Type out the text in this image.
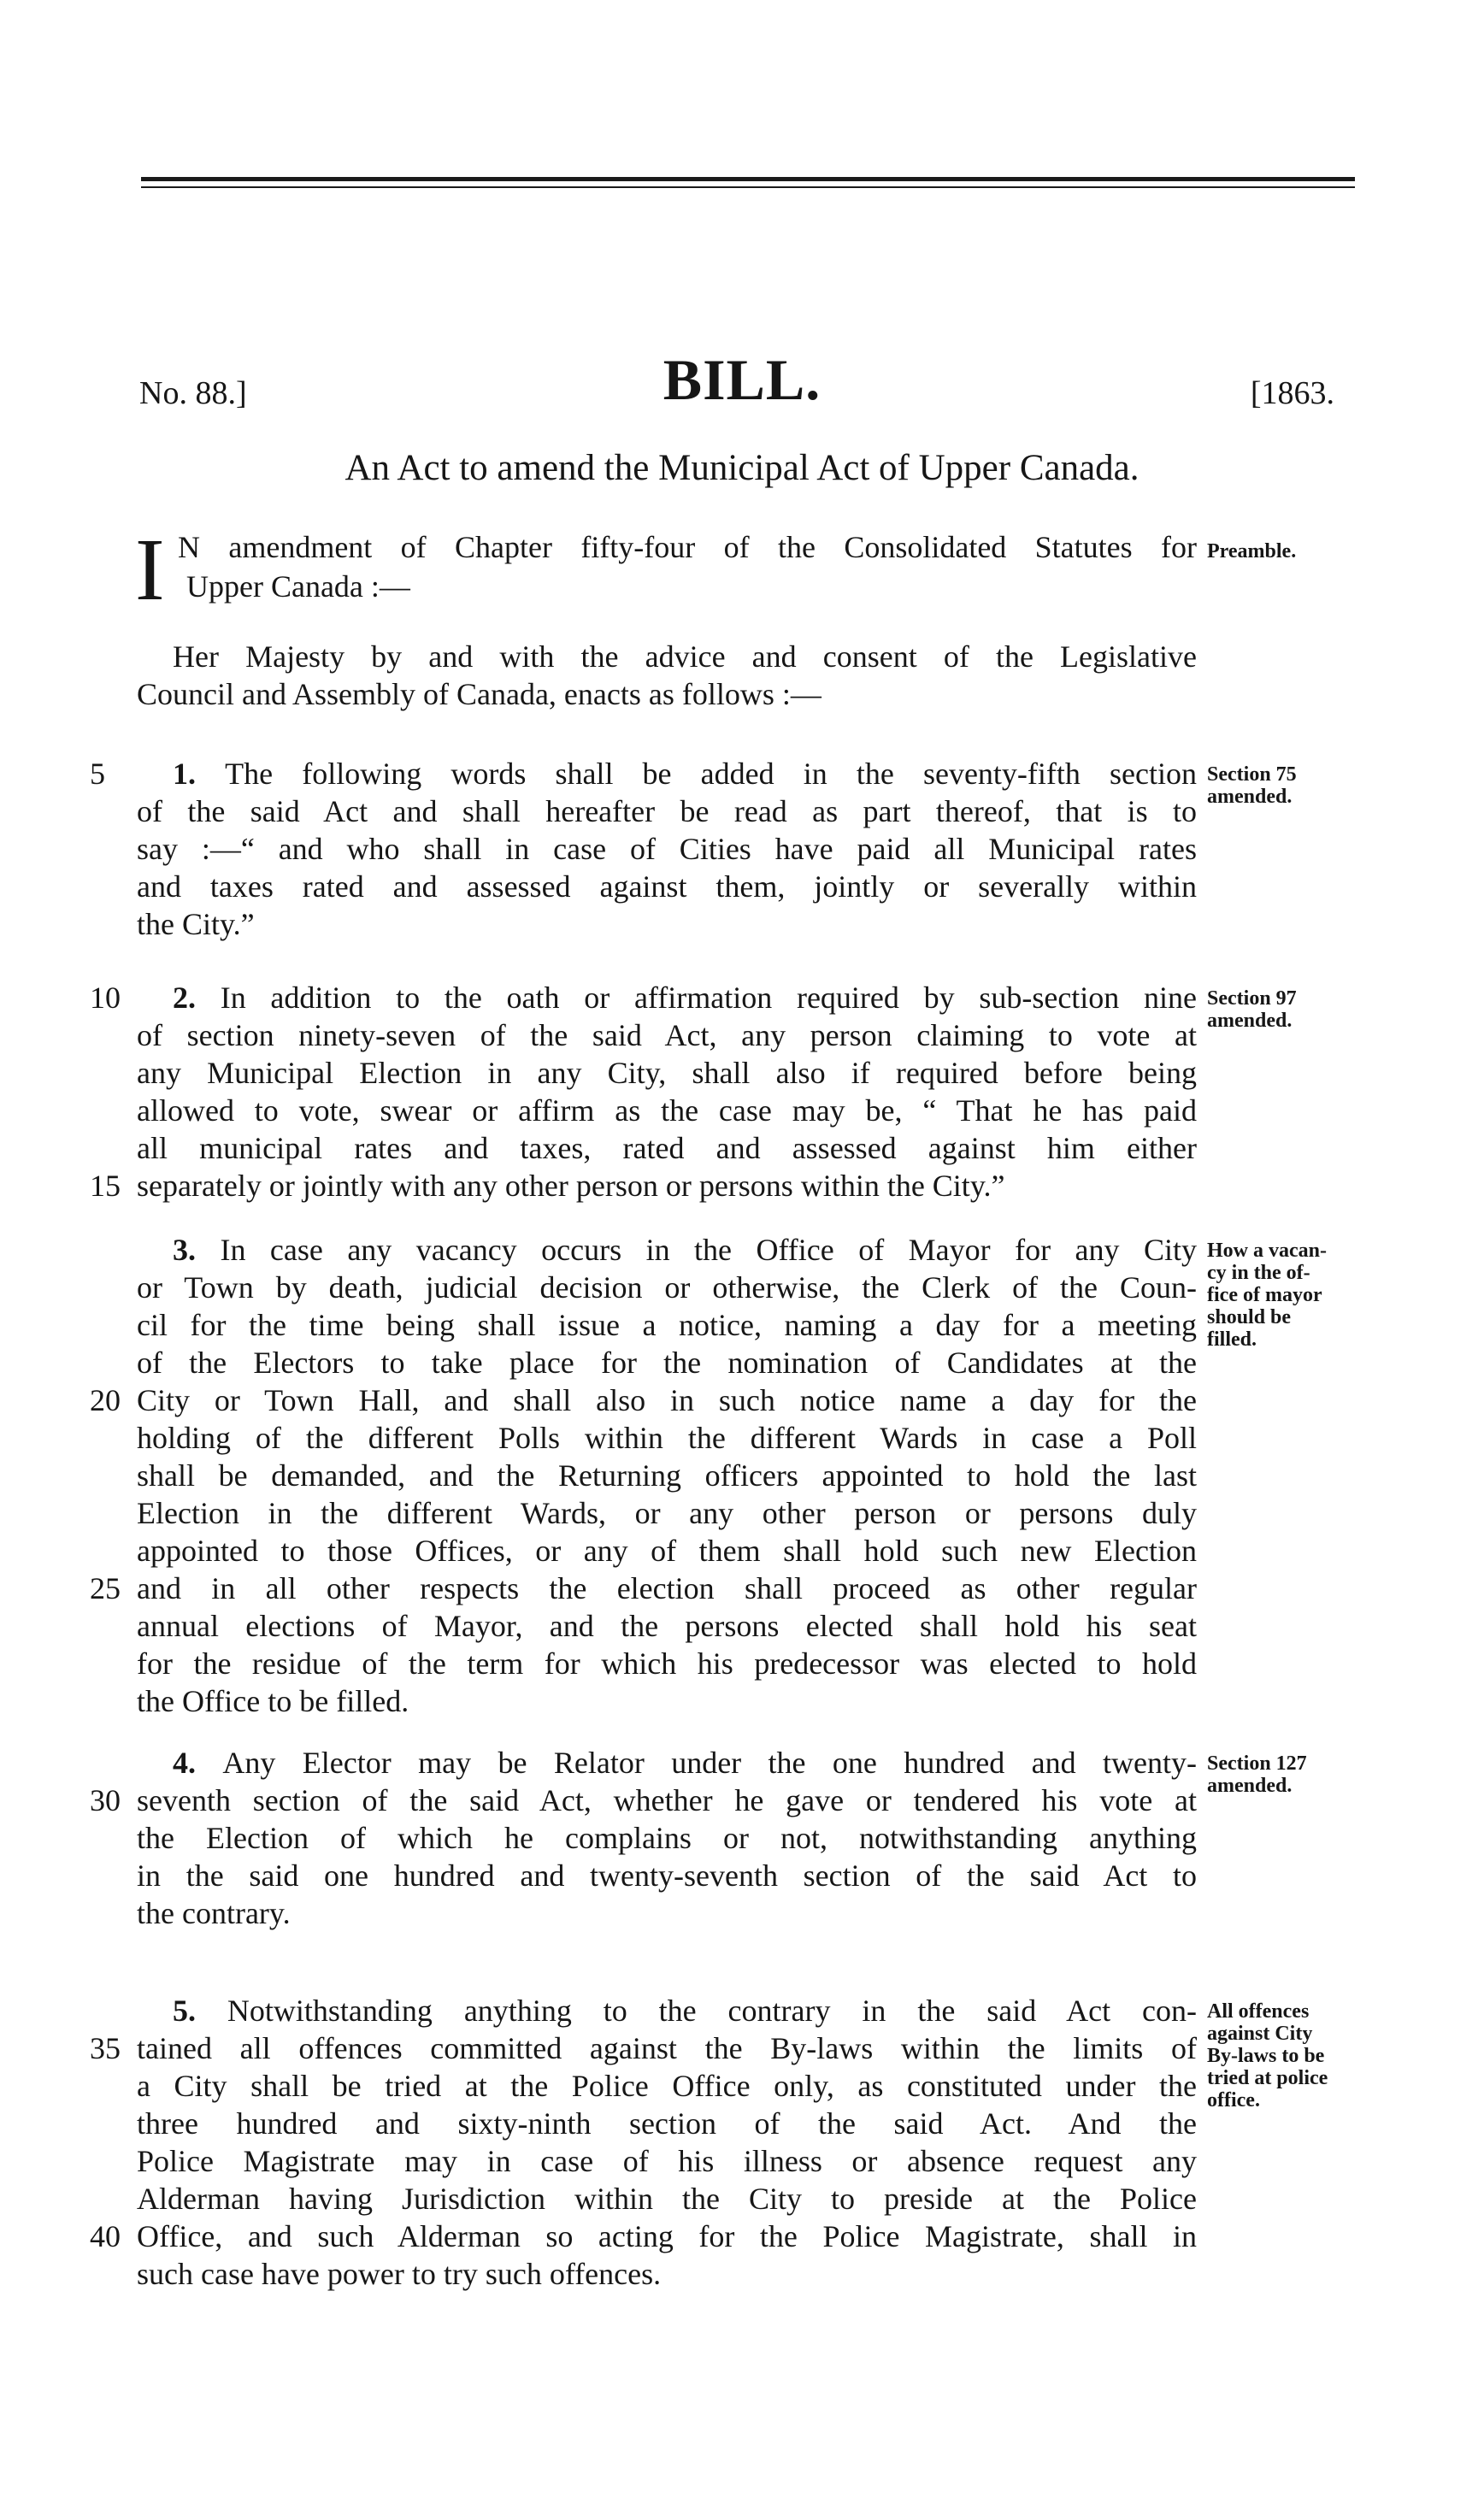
No. 88.]	BILL.	[1863.
An Act to amend the Municipal Act of Upper Canada.
I N amendment of Chapter fifty-four of the Consolidated Statutes for
Upper Canada :—
Preamble.
Her Majesty by and with the advice and consent of the Legislative
Council and Assembly of Canada, enacts as follows :—
1. The following words shall be added in the seventy-fifth section
5
of the said Act and shall hereafter be read as part thereof, that is to
say :—“ and who shall in case of Cities have paid all Municipal rates
and taxes rated and assessed against them, jointly or severally within
the City.”
Section 75
amended.
2. In addition to the oath or affirmation required by sub-section nine
10
of section ninety-seven of the said Act, any person claiming to vote at
any Municipal Election in any City, shall also if required before being
allowed to vote, swear or affirm as the case may be, “ That he has paid
all municipal rates and taxes, rated and assessed against him either
separately or jointly with any other person or persons within the City.”
15
Section 97
amended.
3. In case any vacancy occurs in the Office of Mayor for any City
or Town by death, judicial decision or otherwise, the Clerk of the Coun-
cil for the time being shall issue a notice, naming a day for a meeting
of the Electors to take place for the nomination of Candidates at the
City or Town Hall, and shall also in such notice name a day for the
20
holding of the different Polls within the different Wards in case a Poll
shall be demanded, and the Returning officers appointed to hold the last
Election in the different Wards, or any other person or persons duly
appointed to those Offices, or any of them shall hold such new Election
and in all other respects the election shall proceed as other regular
25
annual elections of Mayor, and the persons elected shall hold his seat
for the residue of the term for which his predecessor was elected to hold
the Office to be filled.
How a vacan-
cy in the of-
fice of mayor
should be
filled.
4. Any Elector may be Relator under the one hundred and twenty-
seventh section of the said Act, whether he gave or tendered his vote at
30
the Election of which he complains or not, notwithstanding anything
in the said one hundred and twenty-seventh section of the said Act to
the contrary.
Section 127
amended.
5. Notwithstanding anything to the contrary in the said Act con-
tained all offences committed against the By-laws within the limits of
35
a City shall be tried at the Police Office only, as constituted under the
three hundred and sixty-ninth section of the said Act. And the
Police Magistrate may in case of his illness or absence request any
Alderman having Jurisdiction within the City to preside at the Police
Office, and such Alderman so acting for the Police Magistrate, shall in
40
such case have power to try such offences.
All offences
against City
By-laws to be
tried at police
office.
